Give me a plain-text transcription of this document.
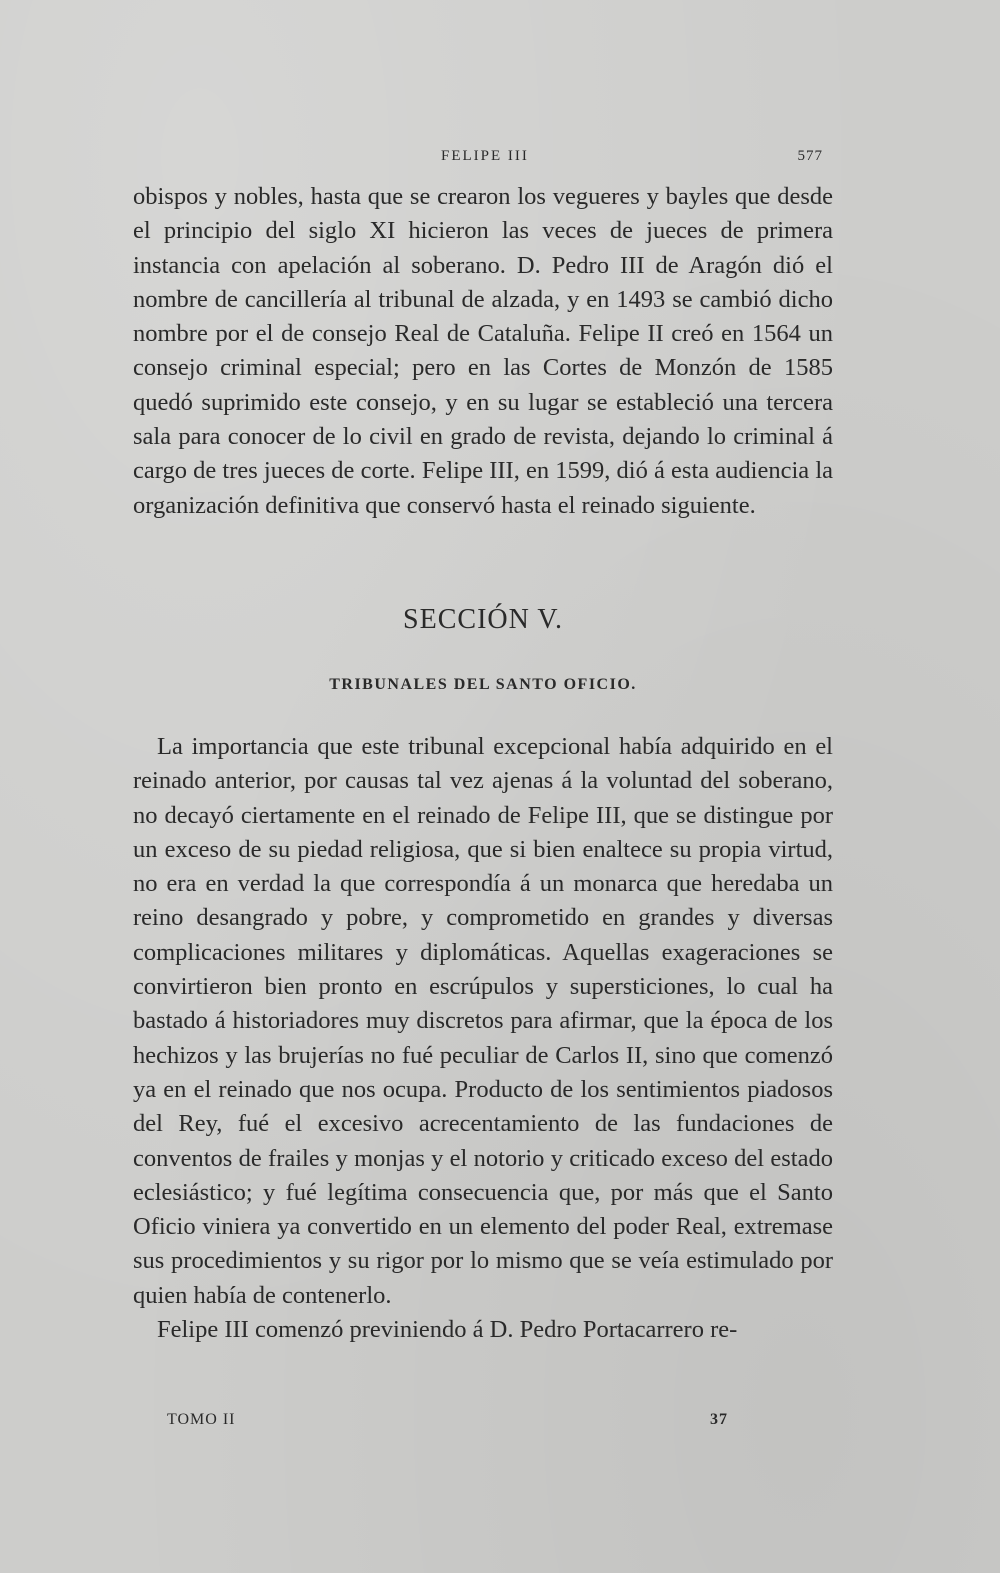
FELIPE III	577

obispos y nobles, hasta que se crearon los vegueres y bayles que desde el principio del siglo XI hicieron las veces de jueces de primera instancia con apelación al soberano. D. Pedro III de Aragón dió el nombre de cancillería al tribunal de alzada, y en 1493 se cambió dicho nombre por el de consejo Real de Cataluña. Felipe II creó en 1564 un consejo criminal especial; pero en las Cortes de Monzón de 1585 quedó suprimido este consejo, y en su lugar se estableció una tercera sala para conocer de lo civil en grado de revista, dejando lo criminal á cargo de tres jueces de corte. Felipe III, en 1599, dió á esta audiencia la organización definitiva que conservó hasta el reinado siguiente.

SECCIÓN V.
TRIBUNALES DEL SANTO OFICIO.

La importancia que este tribunal excepcional había adquirido en el reinado anterior, por causas tal vez ajenas á la voluntad del soberano, no decayó ciertamente en el reinado de Felipe III, que se distingue por un exceso de su piedad religiosa, que si bien enaltece su propia virtud, no era en verdad la que correspondía á un monarca que heredaba un reino desangrado y pobre, y comprometido en grandes y diversas complicaciones militares y diplomáticas. Aquellas exageraciones se convirtieron bien pronto en escrúpulos y supersticiones, lo cual ha bastado á historiadores muy discretos para afirmar, que la época de los hechizos y las brujerías no fué peculiar de Carlos II, sino que comenzó ya en el reinado que nos ocupa. Producto de los sentimientos piadosos del Rey, fué el excesivo acrecentamiento de las fundaciones de conventos de frailes y monjas y el notorio y criticado exceso del estado eclesiástico; y fué legítima consecuencia que, por más que el Santo Oficio viniera ya convertido en un elemento del poder Real, extremase sus procedimientos y su rigor por lo mismo que se veía estimulado por quien había de contenerlo.

Felipe III comenzó previniendo á D. Pedro Portacarrero re-

TOMO II	37
